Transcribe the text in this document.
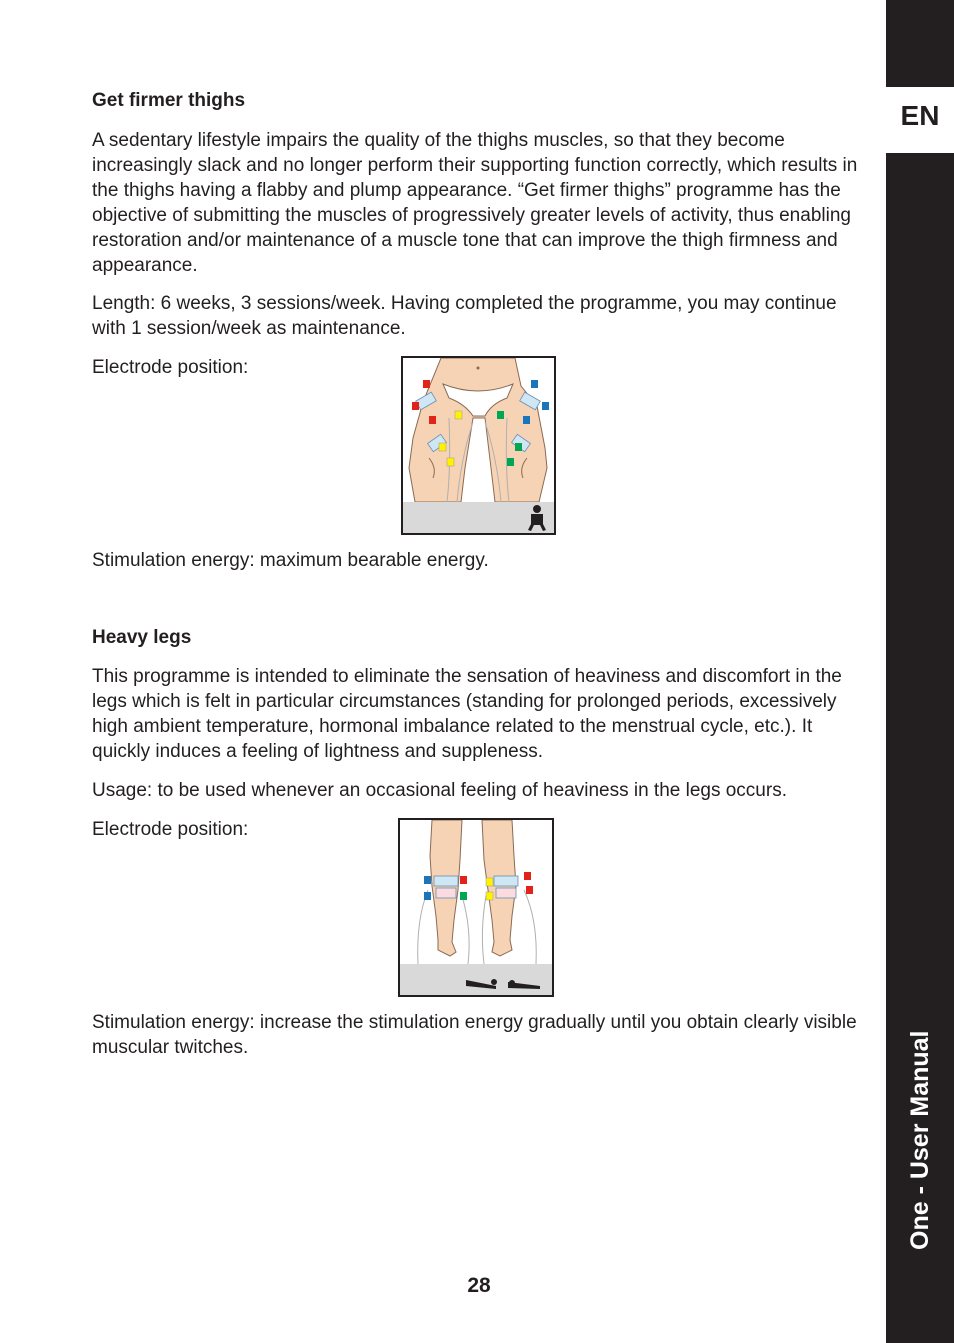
EN
One - User Manual
Get firmer thighs

A sedentary lifestyle impairs the quality of the thighs muscles, so that they become increasingly slack and no longer perform their supporting function correctly, which results in the thighs having a flabby and plump appearance. “Get firmer thighs” programme has the objective of submitting the muscles of progressively greater levels of activity, thus enabling restoration and/or maintenance of a muscle tone that can improve the thigh firmness and appearance.

Length: 6 weeks, 3 sessions/week. Having completed the programme, you may continue with 1 session/week as maintenance.

Electrode position:

Stimulation energy: maximum bearable energy.

Heavy legs

This programme is intended to eliminate the sensation of heaviness and discomfort in the legs which is felt in particular circumstances (standing for prolonged periods, excessively high ambient temperature, hormonal imbalance related to the menstrual cycle, etc.). It quickly induces a feeling of lightness and suppleness.

Usage: to be used whenever an occasional feeling of heaviness in the legs occurs.

Electrode position:

Stimulation energy: increase the stimulation energy gradually until you obtain clearly visible muscular twitches.

28
